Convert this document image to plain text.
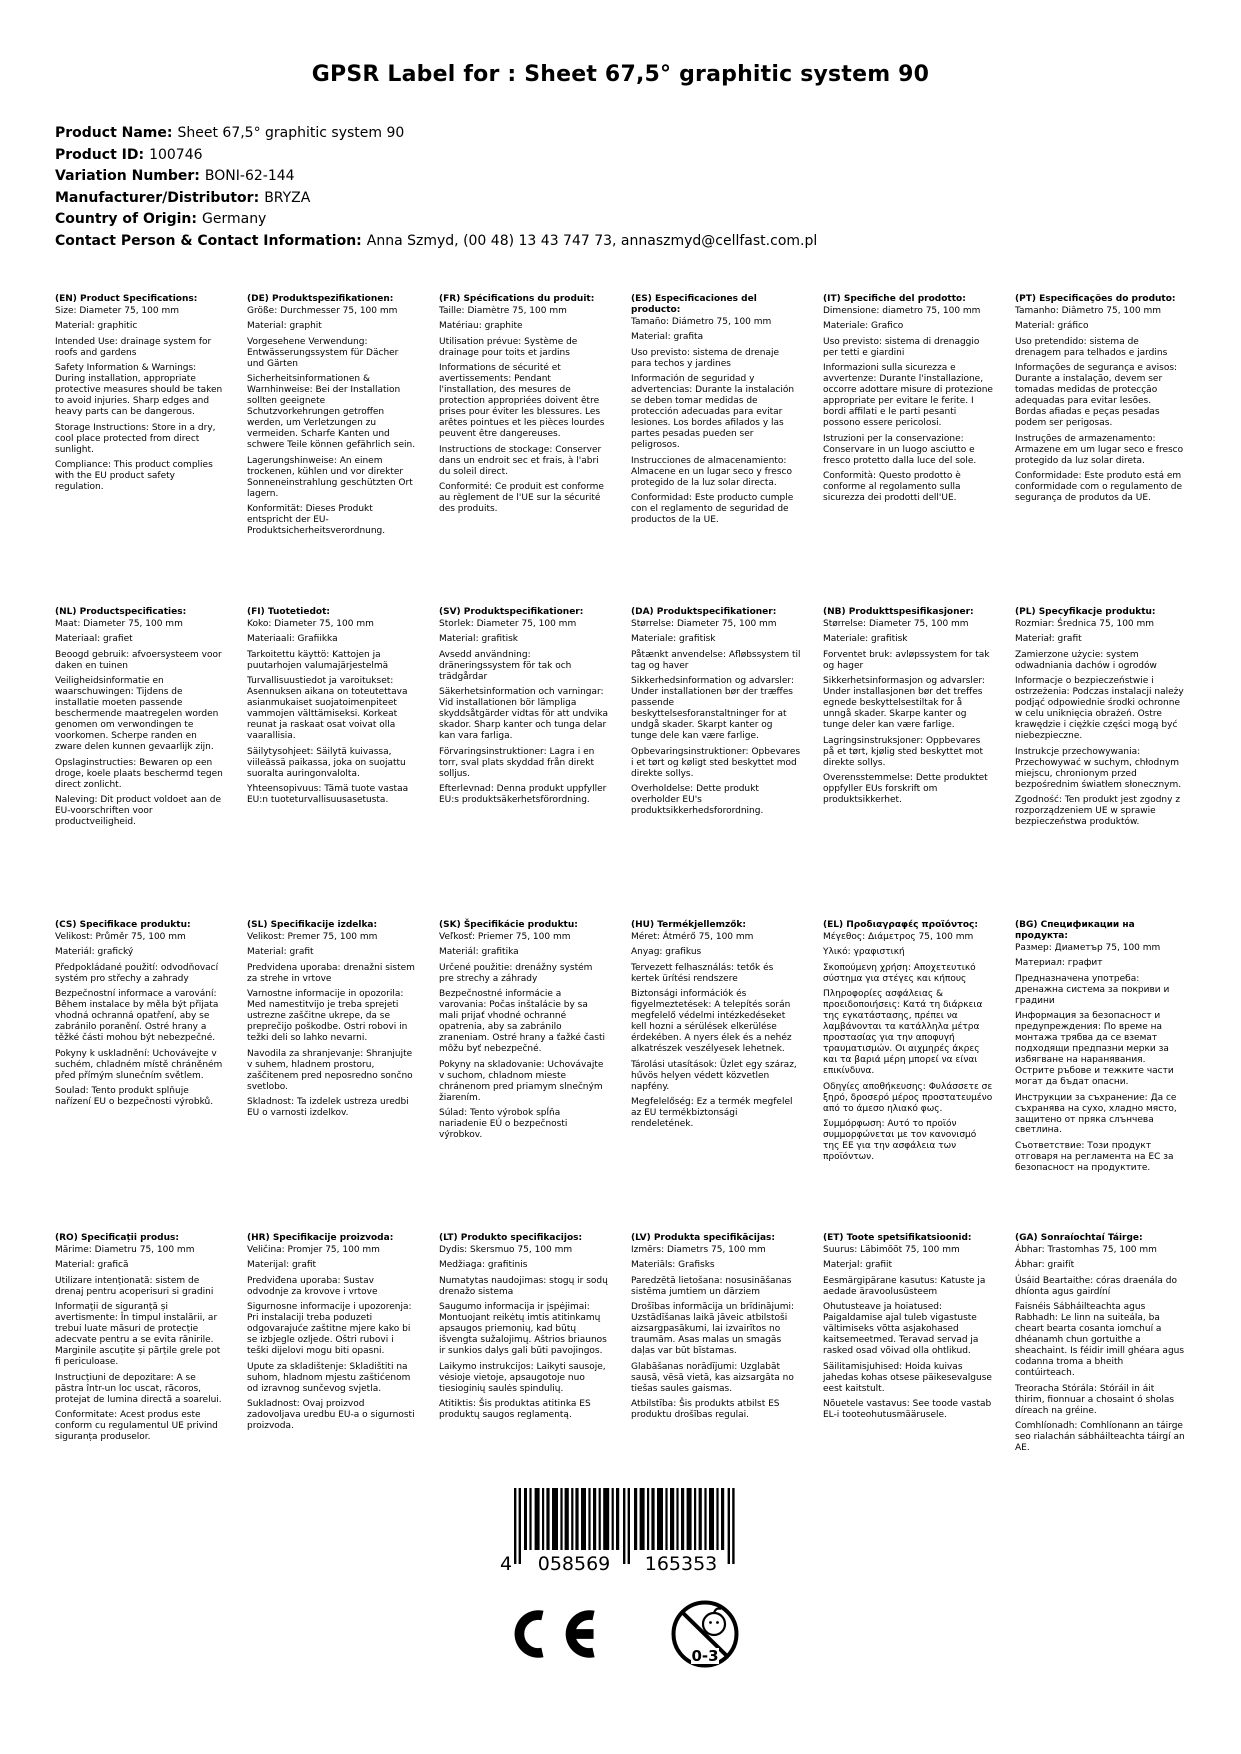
GPSR Label for : Sheet 67,5° graphitic system 90
Product Name: Sheet 67,5° graphitic system 90
Product ID: 100746
Variation Number: BONI-62-144
Manufacturer/Distributor: BRYZA
Country of Origin: Germany
Contact Person & Contact Information: Anna Szmyd, (00 48) 13 43 747 73, annaszmyd@cellfast.com.pl

(EN) Product Specifications:

Size: Diameter 75, 100 mm

Material: graphitic

Intended Use: drainage system for roofs and gardens

Safety Information & Warnings: During installation, appropriate protective measures should be taken to avoid injuries. Sharp edges and heavy parts can be dangerous.

Storage Instructions: Store in a dry, cool place protected from direct sunlight.

Compliance: This product complies with the EU product safety regulation.

(DE) Produktspezifikationen:

Größe: Durchmesser 75, 100 mm

Material: graphit

Vorgesehene Verwendung: Entwässerungssystem für Dächer und Gärten

Sicherheitsinformationen & Warnhinweise: Bei der Installation sollten geeignete Schutzvorkehrungen getroffen werden, um Verletzungen zu vermeiden. Scharfe Kanten und schwere Teile können gefährlich sein.

Lagerungshinweise: An einem trockenen, kühlen und vor direkter Sonneneinstrahlung geschützten Ort lagern.

Konformität: Dieses Produkt entspricht der EU-Produktsicherheitsverordnung.

(FR) Spécifications du produit:

Taille: Diamètre 75, 100 mm

Matériau: graphite

Utilisation prévue: Système de drainage pour toits et jardins

Informations de sécurité et avertissements: Pendant l'installation, des mesures de protection appropriées doivent être prises pour éviter les blessures. Les arêtes pointues et les pièces lourdes peuvent être dangereuses.

Instructions de stockage: Conserver dans un endroit sec et frais, à l'abri du soleil direct.

Conformité: Ce produit est conforme au règlement de l'UE sur la sécurité des produits.

(ES) Especificaciones del producto:

Tamaño: Diámetro 75, 100 mm

Material: grafita

Uso previsto: sistema de drenaje para techos y jardines

Información de seguridad y advertencias: Durante la instalación se deben tomar medidas de protección adecuadas para evitar lesiones. Los bordes afilados y las partes pesadas pueden ser peligrosos.

Instrucciones de almacenamiento: Almacene en un lugar seco y fresco protegido de la luz solar directa.

Conformidad: Este producto cumple con el reglamento de seguridad de productos de la UE.

(IT) Specifiche del prodotto:

Dimensione: diametro 75, 100 mm

Materiale: Grafico

Uso previsto: sistema di drenaggio per tetti e giardini

Informazioni sulla sicurezza e avvertenze: Durante l'installazione, occorre adottare misure di protezione appropriate per evitare le ferite. I bordi affilati e le parti pesanti possono essere pericolosi.

Istruzioni per la conservazione: Conservare in un luogo asciutto e fresco protetto dalla luce del sole.

Conformità: Questo prodotto è conforme al regolamento sulla sicurezza dei prodotti dell'UE.

(PT) Especificações do produto:

Tamanho: Diâmetro 75, 100 mm

Material: gráfico

Uso pretendido: sistema de drenagem para telhados e jardins

Informações de segurança e avisos: Durante a instalação, devem ser tomadas medidas de protecção adequadas para evitar lesões. Bordas afiadas e peças pesadas podem ser perigosas.

Instruções de armazenamento: Armazene em um lugar seco e fresco protegido da luz solar direta.

Conformidade: Este produto está em conformidade com o regulamento de segurança de produtos da UE.

(NL) Productspecificaties:

Maat: Diameter 75, 100 mm

Materiaal: grafiet

Beoogd gebruik: afvoersysteem voor daken en tuinen

Veiligheidsinformatie en waarschuwingen: Tijdens de installatie moeten passende beschermende maatregelen worden genomen om verwondingen te voorkomen. Scherpe randen en zware delen kunnen gevaarlijk zijn.

Opslaginstructies: Bewaren op een droge, koele plaats beschermd tegen direct zonlicht.

Naleving: Dit product voldoet aan de EU-voorschriften voor productveiligheid.

(FI) Tuotetiedot:

Koko: Diameter 75, 100 mm

Materiaali: Grafiikka

Tarkoitettu käyttö: Kattojen ja puutarhojen valumajärjestelmä

Turvallisuustiedot ja varoitukset: Asennuksen aikana on toteutettava asianmukaiset suojatoimenpiteet vammojen välttämiseksi. Korkeat reunat ja raskaat osat voivat olla vaarallisia.

Säilytysohjeet: Säilytä kuivassa, viileässä paikassa, joka on suojattu suoralta auringonvalolta.

Yhteensopivuus: Tämä tuote vastaa EU:n tuoteturvallisuusasetusta.

(SV) Produktspecifikationer:

Storlek: Diameter 75, 100 mm

Material: grafitisk

Avsedd användning: dräneringssystem för tak och trädgårdar

Säkerhetsinformation och varningar: Vid installationen bör lämpliga skyddsåtgärder vidtas för att undvika skador. Sharp kanter och tunga delar kan vara farliga.

Förvaringsinstruktioner: Lagra i en torr, sval plats skyddad från direkt solljus.

Efterlevnad: Denna produkt uppfyller EU:s produktsäkerhetsförordning.

(DA) Produktspecifikationer:

Størrelse: Diameter 75, 100 mm

Materiale: grafitisk

Påtænkt anvendelse: Afløbssystem til tag og haver

Sikkerhedsinformation og advarsler: Under installationen bør der træffes passende beskyttelsesforanstaltninger for at undgå skader. Skarpt kanter og tunge dele kan være farlige.

Opbevaringsinstruktioner: Opbevares i et tørt og køligt sted beskyttet mod direkte sollys.

Overholdelse: Dette produkt overholder EU's produktsikkerhedsforordning.

(NB) Produkttspesifikasjoner:

Størrelse: Diameter 75, 100 mm

Materiale: grafitisk

Forventet bruk: avløpssystem for tak og hager

Sikkerhetsinformasjon og advarsler: Under installasjonen bør det treffes egnede beskyttelsestiltak for å unngå skader. Skarpe kanter og tunge deler kan være farlige.

Lagringsinstruksjoner: Oppbevares på et tørt, kjølig sted beskyttet mot direkte sollys.

Overensstemmelse: Dette produktet oppfyller EUs forskrift om produktsikkerhet.

(PL) Specyfikacje produktu:

Rozmiar: Średnica 75, 100 mm

Materiał: grafit

Zamierzone użycie: system odwadniania dachów i ogrodów

Informacje o bezpieczeństwie i ostrzeżenia: Podczas instalacji należy podjąć odpowiednie środki ochronne w celu uniknięcia obrażeń. Ostre krawędzie i ciężkie części mogą być niebezpieczne.

Instrukcje przechowywania: Przechowywać w suchym, chłodnym miejscu, chronionym przed bezpośrednim światłem słonecznym.

Zgodność: Ten produkt jest zgodny z rozporządzeniem UE w sprawie bezpieczeństwa produktów.

(CS) Specifikace produktu:

Velikost: Průměr 75, 100 mm

Materiál: grafický

Předpokládané použití: odvodňovací systém pro střechy a zahrady

Bezpečnostní informace a varování: Během instalace by měla být přijata vhodná ochranná opatření, aby se zabránilo poranění. Ostré hrany a těžké části mohou být nebezpečné.

Pokyny k uskladnění: Uchovávejte v suchém, chladném místě chráněném před přímým slunečním světlem.

Soulad: Tento produkt splňuje nařízení EU o bezpečnosti výrobků.

(SL) Specifikacije izdelka:

Velikost: Premer 75, 100 mm

Material: grafit

Predvidena uporaba: drenažni sistem za strehe in vrtove

Varnostne informacije in opozorila: Med namestitvijo je treba sprejeti ustrezne zaščitne ukrepe, da se preprečijo poškodbe. Ostri robovi in težki deli so lahko nevarni.

Navodila za shranjevanje: Shranjujte v suhem, hladnem prostoru, zaščitenem pred neposredno sončno svetlobo.

Skladnost: Ta izdelek ustreza uredbi EU o varnosti izdelkov.

(SK) Špecifikácie produktu:

Veľkosť: Priemer 75, 100 mm

Materiál: grafitika

Určené použitie: drenážny systém pre strechy a záhrady

Bezpečnostné informácie a varovania: Počas inštalácie by sa mali prijať vhodné ochranné opatrenia, aby sa zabránilo zraneniam. Ostré hrany a ťažké časti môžu byť nebezpečné.

Pokyny na skladovanie: Uchovávajte v suchom, chladnom mieste chránenom pred priamym slnečným žiarením.

Súlad: Tento výrobok spĺňa nariadenie EÚ o bezpečnosti výrobkov.

(HU) Termékjellemzők:

Méret: Átmérő 75, 100 mm

Anyag: grafikus

Tervezett felhasználás: tetők és kertek ürítési rendszere

Biztonsági információk és figyelmeztetések: A telepítés során megfelelő védelmi intézkedéseket kell hozni a sérülések elkerülése érdekében. A nyers élek és a nehéz alkatrészek veszélyesek lehetnek.

Tárolási utasítások: Üzlet egy száraz, hűvös helyen védett közvetlen napfény.

Megfelelőség: Ez a termék megfelel az EU termékbiztonsági rendeletének.

(EL) Προδιαγραφές προϊόντος:

Μέγεθος: Διάμετρος 75, 100 mm

Υλικό: γραφιστική

Σκοπούμενη χρήση: Αποχετευτικό σύστημα για στέγες και κήπους

Πληροφορίες ασφάλειας & προειδοποιήσεις: Κατά τη διάρκεια της εγκατάστασης, πρέπει να λαμβάνονται τα κατάλληλα μέτρα προστασίας για την αποφυγή τραυματισμών. Οι αιχμηρές άκρες και τα βαριά μέρη μπορεί να είναι επικίνδυνα.

Οδηγίες αποθήκευσης: Φυλάσσετε σε ξηρό, δροσερό μέρος προστατευμένο από το άμεσο ηλιακό φως.

Συμμόρφωση: Αυτό το προϊόν συμμορφώνεται με τον κανονισμό της ΕΕ για την ασφάλεια των προϊόντων.

(BG) Спецификации на продукта:

Размер: Диаметър 75, 100 mm

Материал: графит

Предназначена употреба: дренажна система за покриви и градини

Информация за безопасност и предупреждения: По време на монтажа трябва да се вземат подходящи предпазни мерки за избягване на наранявания. Острите ръбове и тежките части могат да бъдат опасни.

Инструкции за съхранение: Да се съхранява на сухо, хладно място, защитено от пряка слънчева светлина.

Съответствие: Този продукт отговаря на регламента на ЕС за безопасност на продуктите.

(RO) Specificații produs:

Mărime: Diametru 75, 100 mm

Material: grafică

Utilizare intenționată: sistem de drenaj pentru acoperisuri si gradini

Informații de siguranță și avertismente: În timpul instalării, ar trebui luate măsuri de protecție adecvate pentru a se evita rănirile. Marginile ascuțite și părțile grele pot fi periculoase.

Instrucțiuni de depozitare: A se păstra într-un loc uscat, răcoros, protejat de lumina directă a soarelui.

Conformitate: Acest produs este conform cu regulamentul UE privind siguranța produselor.

(HR) Specifikacije proizvoda:

Veličina: Promjer 75, 100 mm

Materijal: grafit

Predviđena uporaba: Sustav odvodnje za krovove i vrtove

Sigurnosne informacije i upozorenja: Pri instalaciji treba poduzeti odgovarajuće zaštitne mjere kako bi se izbjegle ozljede. Oštri rubovi i teški dijelovi mogu biti opasni.

Upute za skladištenje: Skladištiti na suhom, hladnom mjestu zaštićenom od izravnog sunčevog svjetla.

Sukladnost: Ovaj proizvod zadovoljava uredbu EU-a o sigurnosti proizvoda.

(LT) Produkto specifikacijos:

Dydis: Skersmuo 75, 100 mm

Medžiaga: grafitinis

Numatytas naudojimas: stogų ir sodų drenažo sistema

Saugumo informacija ir įspėjimai: Montuojant reikėtų imtis atitinkamų apsaugos priemonių, kad būtų išvengta sužalojimų. Aštrios briaunos ir sunkios dalys gali būti pavojingos.

Laikymo instrukcijos: Laikyti sausoje, vėsioje vietoje, apsaugotoje nuo tiesioginių saulės spindulių.

Atitiktis: Šis produktas atitinka ES produktų saugos reglamentą.

(LV) Produkta specifikācijas:

Izmērs: Diametrs 75, 100 mm

Materiāls: Grafisks

Paredzētā lietošana: nosusināšanas sistēma jumtiem un dārziem

Drošības informācija un brīdinājumi: Uzstādīšanas laikā jāveic atbilstoši aizsargpasākumi, lai izvairītos no traumām. Asas malas un smagās daļas var būt bīstamas.

Glabāšanas norādījumi: Uzglabāt sausā, vēsā vietā, kas aizsargāta no tiešas saules gaismas.

Atbilstība: Šis produkts atbilst ES produktu drošības regulai.

(ET) Toote spetsifikatsioonid:

Suurus: Läbimõõt 75, 100 mm

Materjal: grafiit

Eesmärgipärane kasutus: Katuste ja aedade äravoolusüsteem

Ohutusteave ja hoiatused: Paigaldamise ajal tuleb vigastuste vältimiseks võtta asjakohased kaitsemeetmed. Teravad servad ja rasked osad võivad olla ohtlikud.

Säilitamisjuhised: Hoida kuivas jahedas kohas otsese päikesevalguse eest kaitstult.

Nõuetele vastavus: See toode vastab EL-i tooteohutusmäärusele.

(GA) Sonraíochtaí Táirge:

Ábhar: Trastomhas 75, 100 mm

Ábhar: graifít

Úsáid Beartaithe: córas draenála do dhíonta agus gairdíní

Faisnéis Sábháilteachta agus Rabhadh: Le linn na suiteála, ba cheart bearta cosanta iomchuí a dhéanamh chun gortuithe a sheachaint. Is féidir imill ghéara agus codanna troma a bheith contúirteach.

Treoracha Stórála: Stóráil in áit thirim, fionnuar a chosaint ó sholas díreach na gréine.

Comhlíonadh: Comhlíonann an táirge seo rialachán sábháilteachta táirgí an AE.

4 058569 165353
0-3
